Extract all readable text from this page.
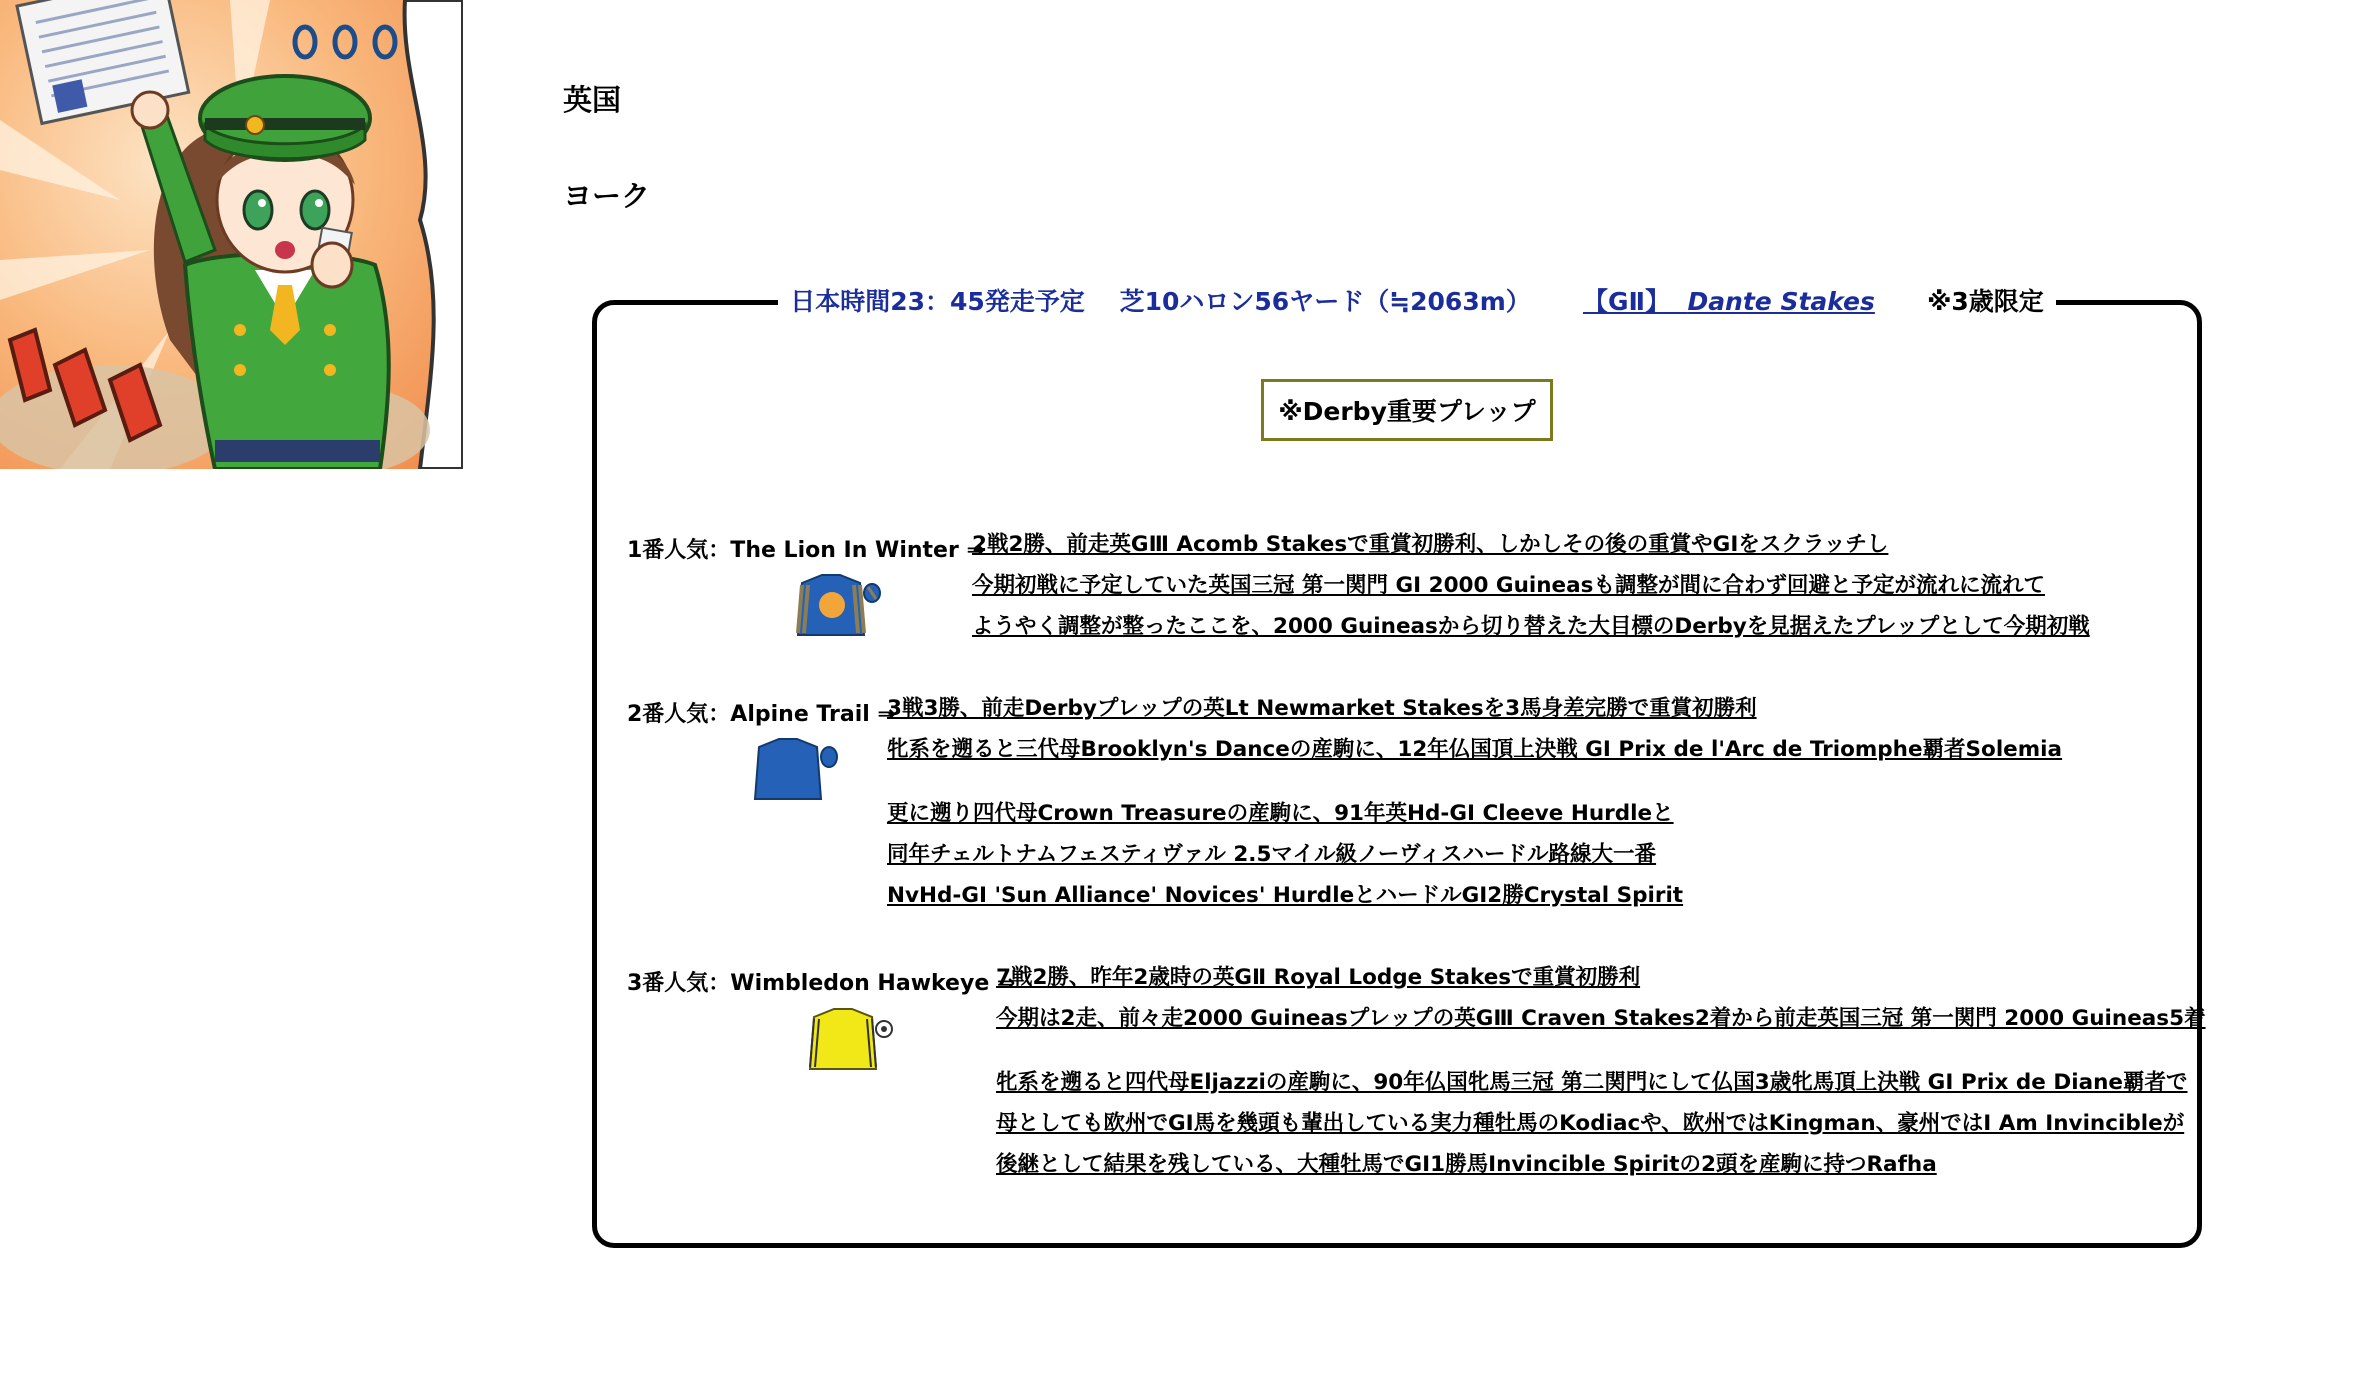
英国
ヨーク
日本時間23：45発走予定 芝10ハロン56ヤード（≒2063m） 【GⅡ】 Dante Stakes ※3歳限定
※Derby重要プレップ
1番人気：The Lion In Winter ⇒
2戦2勝、前走英GⅢ Acomb Stakesで重賞初勝利、しかしその後の重賞やGⅠをスクラッチし
今期初戦に予定していた英国三冠 第一関門 GⅠ 2000 Guineasも調整が間に合わず回避と予定が流れに流れて
ようやく調整が整ったここを、2000 Guineasから切り替えた大目標のDerbyを見据えたプレップとして今期初戦
2番人気：Alpine Trail ⇒
3戦3勝、前走Derbyプレップの英Lt Newmarket Stakesを3馬身差完勝で重賞初勝利
牝系を遡ると三代母Brooklyn's Danceの産駒に、12年仏国頂上決戦 GⅠ Prix de l'Arc de Triomphe覇者Solemia
更に遡り四代母Crown Treasureの産駒に、91年英Hd-GⅠ Cleeve Hurdleと
同年チェルトナムフェスティヴァル 2.5マイル級ノーヴィスハードル路線大一番
NvHd-GⅠ 'Sun Alliance' Novices' HurdleとハードルGⅠ2勝Crystal Spirit
3番人気：Wimbledon Hawkeye ⇒
7戦2勝、昨年2歳時の英GⅡ Royal Lodge Stakesで重賞初勝利
今期は2走、前々走2000 Guineasプレップの英GⅢ Craven Stakes2着から前走英国三冠 第一関門 2000 Guineas5着
牝系を遡ると四代母Eljazziの産駒に、90年仏国牝馬三冠 第二関門にして仏国3歳牝馬頂上決戦 GⅠ Prix de Diane覇者で
母としても欧州でGⅠ馬を幾頭も輩出している実力種牡馬のKodiacや、欧州ではKingman、豪州ではI Am Invincibleが
後継として結果を残している、大種牡馬でGⅠ1勝馬Invincible Spiritの2頭を産駒に持つRafha
